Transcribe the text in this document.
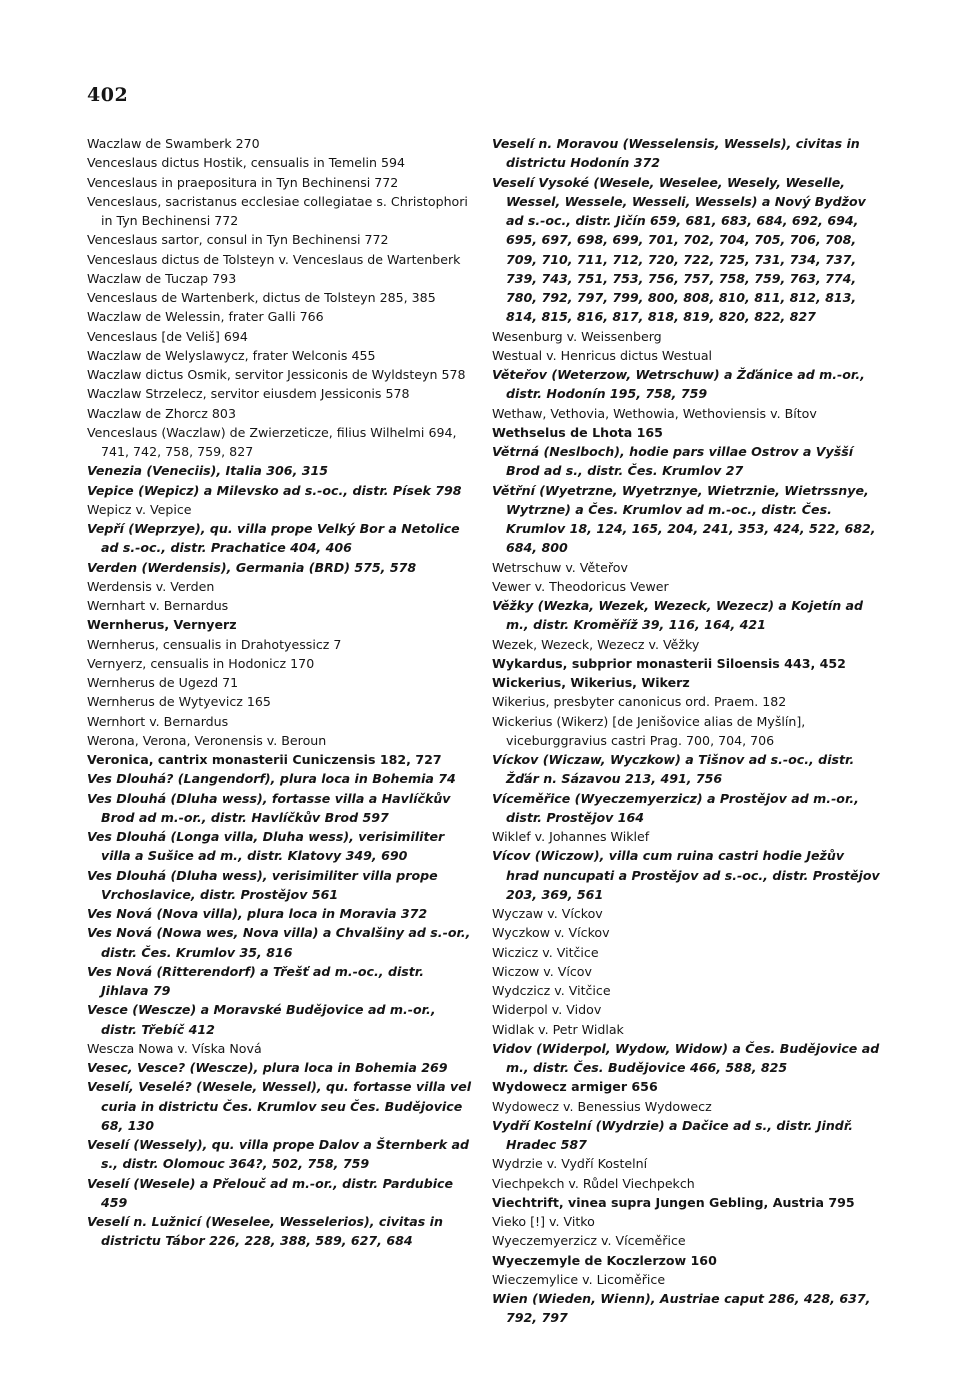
402
Waczlaw de Swamberk 270
Venceslaus dictus Hostik, censualis in Temelin 594
Venceslaus in praepositura in Tyn Bechinensi 772
Venceslaus, sacristanus ecclesiae collegiatae s. Christophori in Tyn Bechinensi 772
Venceslaus sartor, consul in Tyn Bechinensi 772
Venceslaus dictus de Tolsteyn v. Venceslaus de Wartenberk
Waczlaw de Tuczap 793
Venceslaus de Wartenberk, dictus de Tolsteyn 285, 385
Waczlaw de Welessin, frater Galli 766
Venceslaus [de Veliš] 694
Waczlaw de Welyslawycz, frater Welconis 455
Waczlaw dictus Osmik, servitor Jessiconis de Wyldsteyn 578
Waczlaw Strzelecz, servitor eiusdem Jessiconis 578
Waczlaw de Zhorcz 803
Venceslaus (Waczlaw) de Zwierzeticze, filius Wilhelmi 694, 741, 742, 758, 759, 827
Venezia (Veneciis), Italia 306, 315
Vepice (Wepicz) a Milevsko ad s.-oc., distr. Písek 798
Wepicz v. Vepice
Vepří (Weprzye), qu. villa prope Velký Bor a Netolice ad s.-oc., distr. Prachatice 404, 406
Verden (Werdensis), Germania (BRD) 575, 578
Werdensis v. Verden
Wernhart v. Bernardus
Wernherus, Vernyerz
Wernherus, censualis in Drahotyessicz 7
Vernyerz, censualis in Hodonicz 170
Wernherus de Ugezd 71
Wernherus de Wytyevicz 165
Wernhort v. Bernardus
Werona, Verona, Veronensis v. Beroun
Veronica, cantrix monasterii Cuniczensis 182, 727
Ves Dlouhá? (Langendorf), plura loca in Bohemia 74
Ves Dlouhá (Dluha wess), fortasse villa a Havlíčkův Brod ad m.-or., distr. Havlíčkův Brod 597
Ves Dlouhá (Longa villa, Dluha wess), verisimiliter villa a Sušice ad m., distr. Klatovy 349, 690
Ves Dlouhá (Dluha wess), verisimiliter villa prope Vrchoslavice, distr. Prostějov 561
Ves Nová (Nova villa), plura loca in Moravia 372
Ves Nová (Nowa wes, Nova villa) a Chvalšiny ad s.-or., distr. Čes. Krumlov 35, 816
Ves Nová (Ritterendorf) a Třešť ad m.-oc., distr. Jihlava 79
Vesce (Wescze) a Moravské Budějovice ad m.-or., distr. Třebíč 412
Wescza Nowa v. Víska Nová
Vesec, Vesce? (Wescze), plura loca in Bohemia 269
Veselí, Veselé? (Wesele, Wessel), qu. fortasse villa vel curia in districtu Čes. Krumlov seu Čes. Budějovice 68, 130
Veselí (Wessely), qu. villa prope Dalov a Šternberk ad s., distr. Olomouc 364?, 502, 758, 759
Veselí (Wesele) a Přelouč ad m.-or., distr. Pardubice 459
Veselí n. Lužnicí (Weselee, Wesselerios), civitas in districtu Tábor 226, 228, 388, 589, 627, 684
Veselí n. Moravou (Wesselensis, Wessels), civitas in districtu Hodonín 372
Veselí Vysoké (Wesele, Weselee, Wesely, Weselle, Wessel, Wessele, Wesseli, Wessels) a Nový Bydžov ad s.-oc., distr. Jičín 659, 681, 683, 684, 692, 694, 695, 697, 698, 699, 701, 702, 704, 705, 706, 708, 709, 710, 711, 712, 720, 722, 725, 731, 734, 737, 739, 743, 751, 753, 756, 757, 758, 759, 763, 774, 780, 792, 797, 799, 800, 808, 810, 811, 812, 813, 814, 815, 816, 817, 818, 819, 820, 822, 827
Wesenburg v. Weissenberg
Westual v. Henricus dictus Westual
Věteřov (Weterzow, Wetrschuw) a Žďánice ad m.-or., distr. Hodonín 195, 758, 759
Wethaw, Vethovia, Wethowia, Wethoviensis v. Bítov
Wethselus de Lhota 165
Větrná (Neslboch), hodie pars villae Ostrov a Vyšší Brod ad s., distr. Čes. Krumlov 27
Větřní (Wyetrzne, Wyetrznye, Wietrznie, Wietrssnye, Wytrzne) a Čes. Krumlov ad m.-oc., distr. Čes. Krumlov 18, 124, 165, 204, 241, 353, 424, 522, 682, 684, 800
Wetrschuw v. Věteřov
Vewer v. Theodoricus Vewer
Věžky (Wezka, Wezek, Wezeck, Wezecz) a Kojetín ad m., distr. Kroměříž 39, 116, 164, 421
Wezek, Wezeck, Wezecz v. Věžky
Wykardus, subprior monasterii Siloensis 443, 452
Wickerius, Wikerius, Wikerz
Wikerius, presbyter canonicus ord. Praem. 182
Wickerius (Wikerz) [de Jenišovice alias de Myšlín], viceburggravius castri Prag. 700, 704, 706
Víckov (Wiczaw, Wyczkow) a Tišnov ad s.-oc., distr. Žďár n. Sázavou 213, 491, 756
Víceměřice (Wyeczemyerzicz) a Prostějov ad m.-or., distr. Prostějov 164
Wiklef v. Johannes Wiklef
Vícov (Wiczow), villa cum ruina castri hodie Ježův hrad nuncupati a Prostějov ad s.-oc., distr. Prostějov 203, 369, 561
Wyczaw v. Víckov
Wyczkow v. Víckov
Wiczicz v. Vitčice
Wiczow v. Vícov
Wydczicz v. Vitčice
Widerpol v. Vidov
Widlak v. Petr Widlak
Vidov (Widerpol, Wydow, Widow) a Čes. Budějovice ad m., distr. Čes. Budějovice 466, 588, 825
Wydowecz armiger 656
Wydowecz v. Benessius Wydowecz
Vydří Kostelní (Wydrzie) a Dačice ad s., distr. Jindř. Hradec 587
Wydrzie v. Vydří Kostelní
Viechpekch v. Růdel Viechpekch
Viechtrift, vinea supra Jungen Gebling, Austria 795
Vieko [!] v. Vitko
Wyeczemyerzicz v. Víceměřice
Wyeczemyle de Koczlerzow 160
Wieczemylice v. Licoměřice
Wien (Wieden, Wienn), Austriae caput 286, 428, 637, 792, 797
